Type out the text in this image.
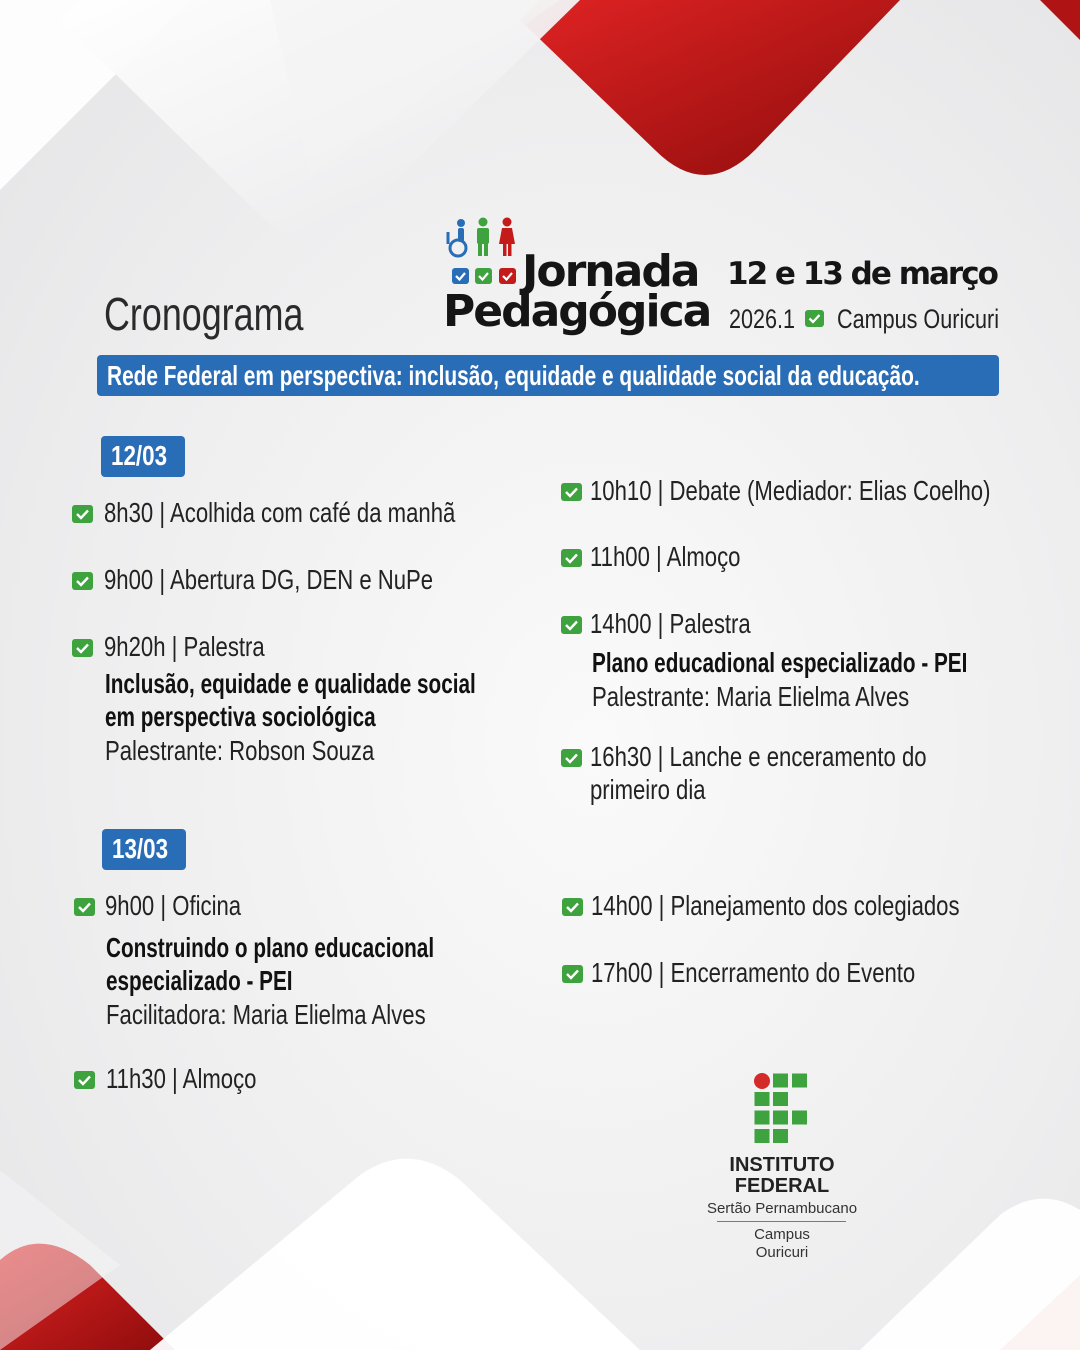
Cronograma
Jornada
Pedagógica
12 e 13 de março
2026.1 Campus Ouricuri
Rede Federal em perspectiva: inclusão, equidade e qualidade social da educação.
12/03
8h30 | Acolhida com café da manhã
9h00 | Abertura DG, DEN e NuPe
9h20h | Palestra
Inclusão, equidade e qualidade social
em perspectiva sociológica
Palestrante: Robson Souza
10h10 | Debate (Mediador: Elias Coelho)
11h00 | Almoço
14h00 | Palestra
Plano educadional especializado - PEI
Palestrante: Maria Elielma Alves
16h30 | Lanche e enceramento do
primeiro dia
13/03
9h00 | Oficina
Construindo o plano educacional
especializado - PEI
Facilitadora: Maria Elielma Alves
11h30 | Almoço
14h00 | Planejamento dos colegiados
17h00 | Encerramento do Evento
INSTITUTO
FEDERAL
Sertão Pernambucano
Campus
Ouricuri
